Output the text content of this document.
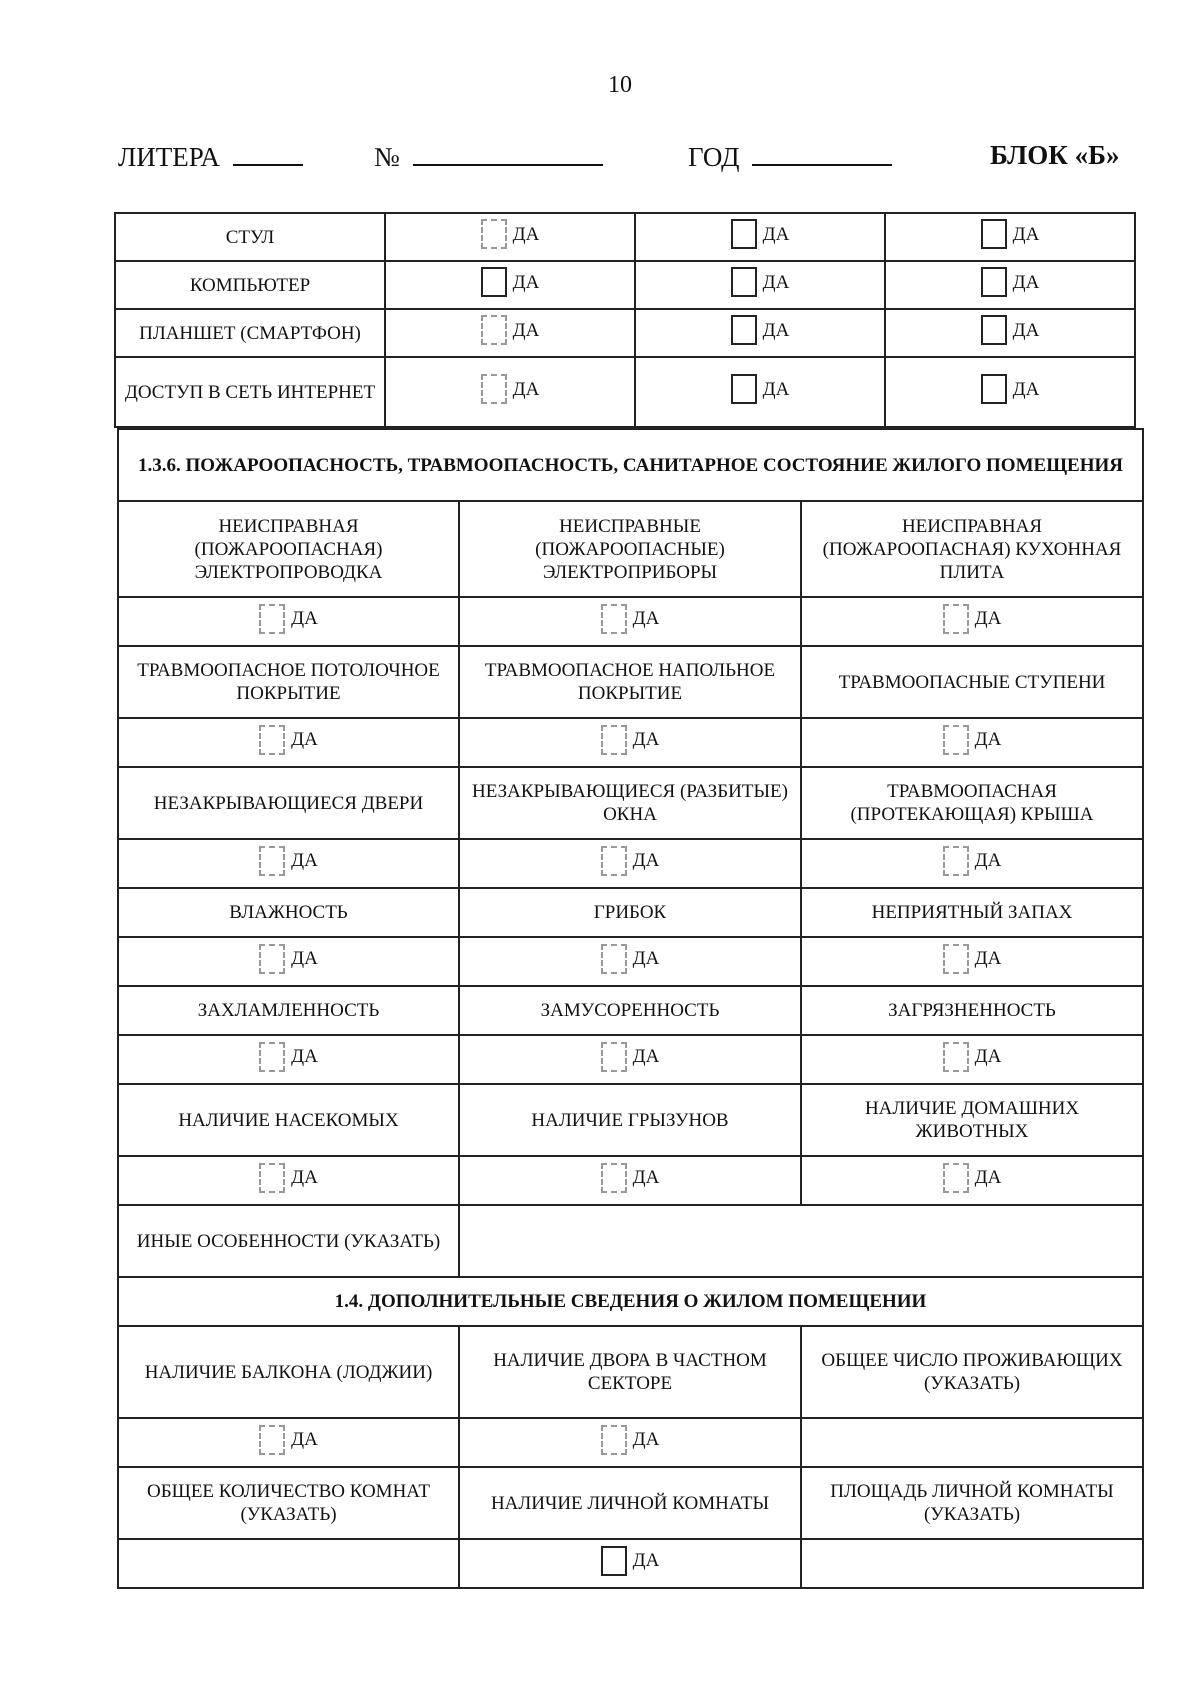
10
ЛИТЕРА	№	ГОД	БЛОК «Б»
СТУЛ	ДА	ДА	ДА

КОМПЬЮТЕР	ДА	ДА	ДА

ПЛАНШЕТ (СМАРТФОН)	ДА	ДА	ДА

ДОСТУП В СЕТЬ ИНТЕРНЕТ	ДА	ДА	ДА
1.3.6. ПОЖАРООПАСНОСТЬ, ТРАВМООПАСНОСТЬ, САНИТАРНОЕ СОСТОЯНИЕ ЖИЛОГО ПОМЕЩЕНИЯ		
НЕИСПРАВНАЯ (ПОЖАРООПАСНАЯ) ЭЛЕКТРОПРОВОДКА	НЕИСПРАВНЫЕ (ПОЖАРООПАСНЫЕ) ЭЛЕКТРОПРИБОРЫ	НЕИСПРАВНАЯ (ПОЖАРООПАСНАЯ) КУХОННАЯ ПЛИТА

ДА	ДА	ДА

ТРАВМООПАСНОЕ ПОТОЛОЧНОЕ ПОКРЫТИЕ	ТРАВМООПАСНОЕ НАПОЛЬНОЕ ПОКРЫТИЕ	ТРАВМООПАСНЫЕ СТУПЕНИ

ДА	ДА	ДА

НЕЗАКРЫВАЮЩИЕСЯ ДВЕРИ	НЕЗАКРЫВАЮЩИЕСЯ (РАЗБИТЫЕ) ОКНА	ТРАВМООПАСНАЯ (ПРОТЕКАЮЩАЯ) КРЫША

ДА	ДА	ДА

ВЛАЖНОСТЬ	ГРИБОК	НЕПРИЯТНЫЙ ЗАПАХ

ДА	ДА	ДА

ЗАХЛАМЛЕННОСТЬ	ЗАМУСОРЕННОСТЬ	ЗАГРЯЗНЕННОСТЬ

ДА	ДА	ДА

НАЛИЧИЕ НАСЕКОМЫХ	НАЛИЧИЕ ГРЫЗУНОВ	НАЛИЧИЕ ДОМАШНИХ ЖИВОТНЫХ

ДА	ДА	ДА

ИНЫЕ ОСОБЕННОСТИ (УКАЗАТЬ)		
1.4. ДОПОЛНИТЕЛЬНЫЕ СВЕДЕНИЯ О ЖИЛОМ ПОМЕЩЕНИИ		
НАЛИЧИЕ БАЛКОНА (ЛОДЖИИ)	НАЛИЧИЕ ДВОРА В ЧАСТНОМ СЕКТОРЕ	ОБЩЕЕ ЧИСЛО ПРОЖИВАЮЩИХ (УКАЗАТЬ)

ДА	ДА	

ОБЩЕЕ КОЛИЧЕСТВО КОМНАТ (УКАЗАТЬ)	НАЛИЧИЕ ЛИЧНОЙ КОМНАТЫ	ПЛОЩАДЬ ЛИЧНОЙ КОМНАТЫ (УКАЗАТЬ)

	ДА	
